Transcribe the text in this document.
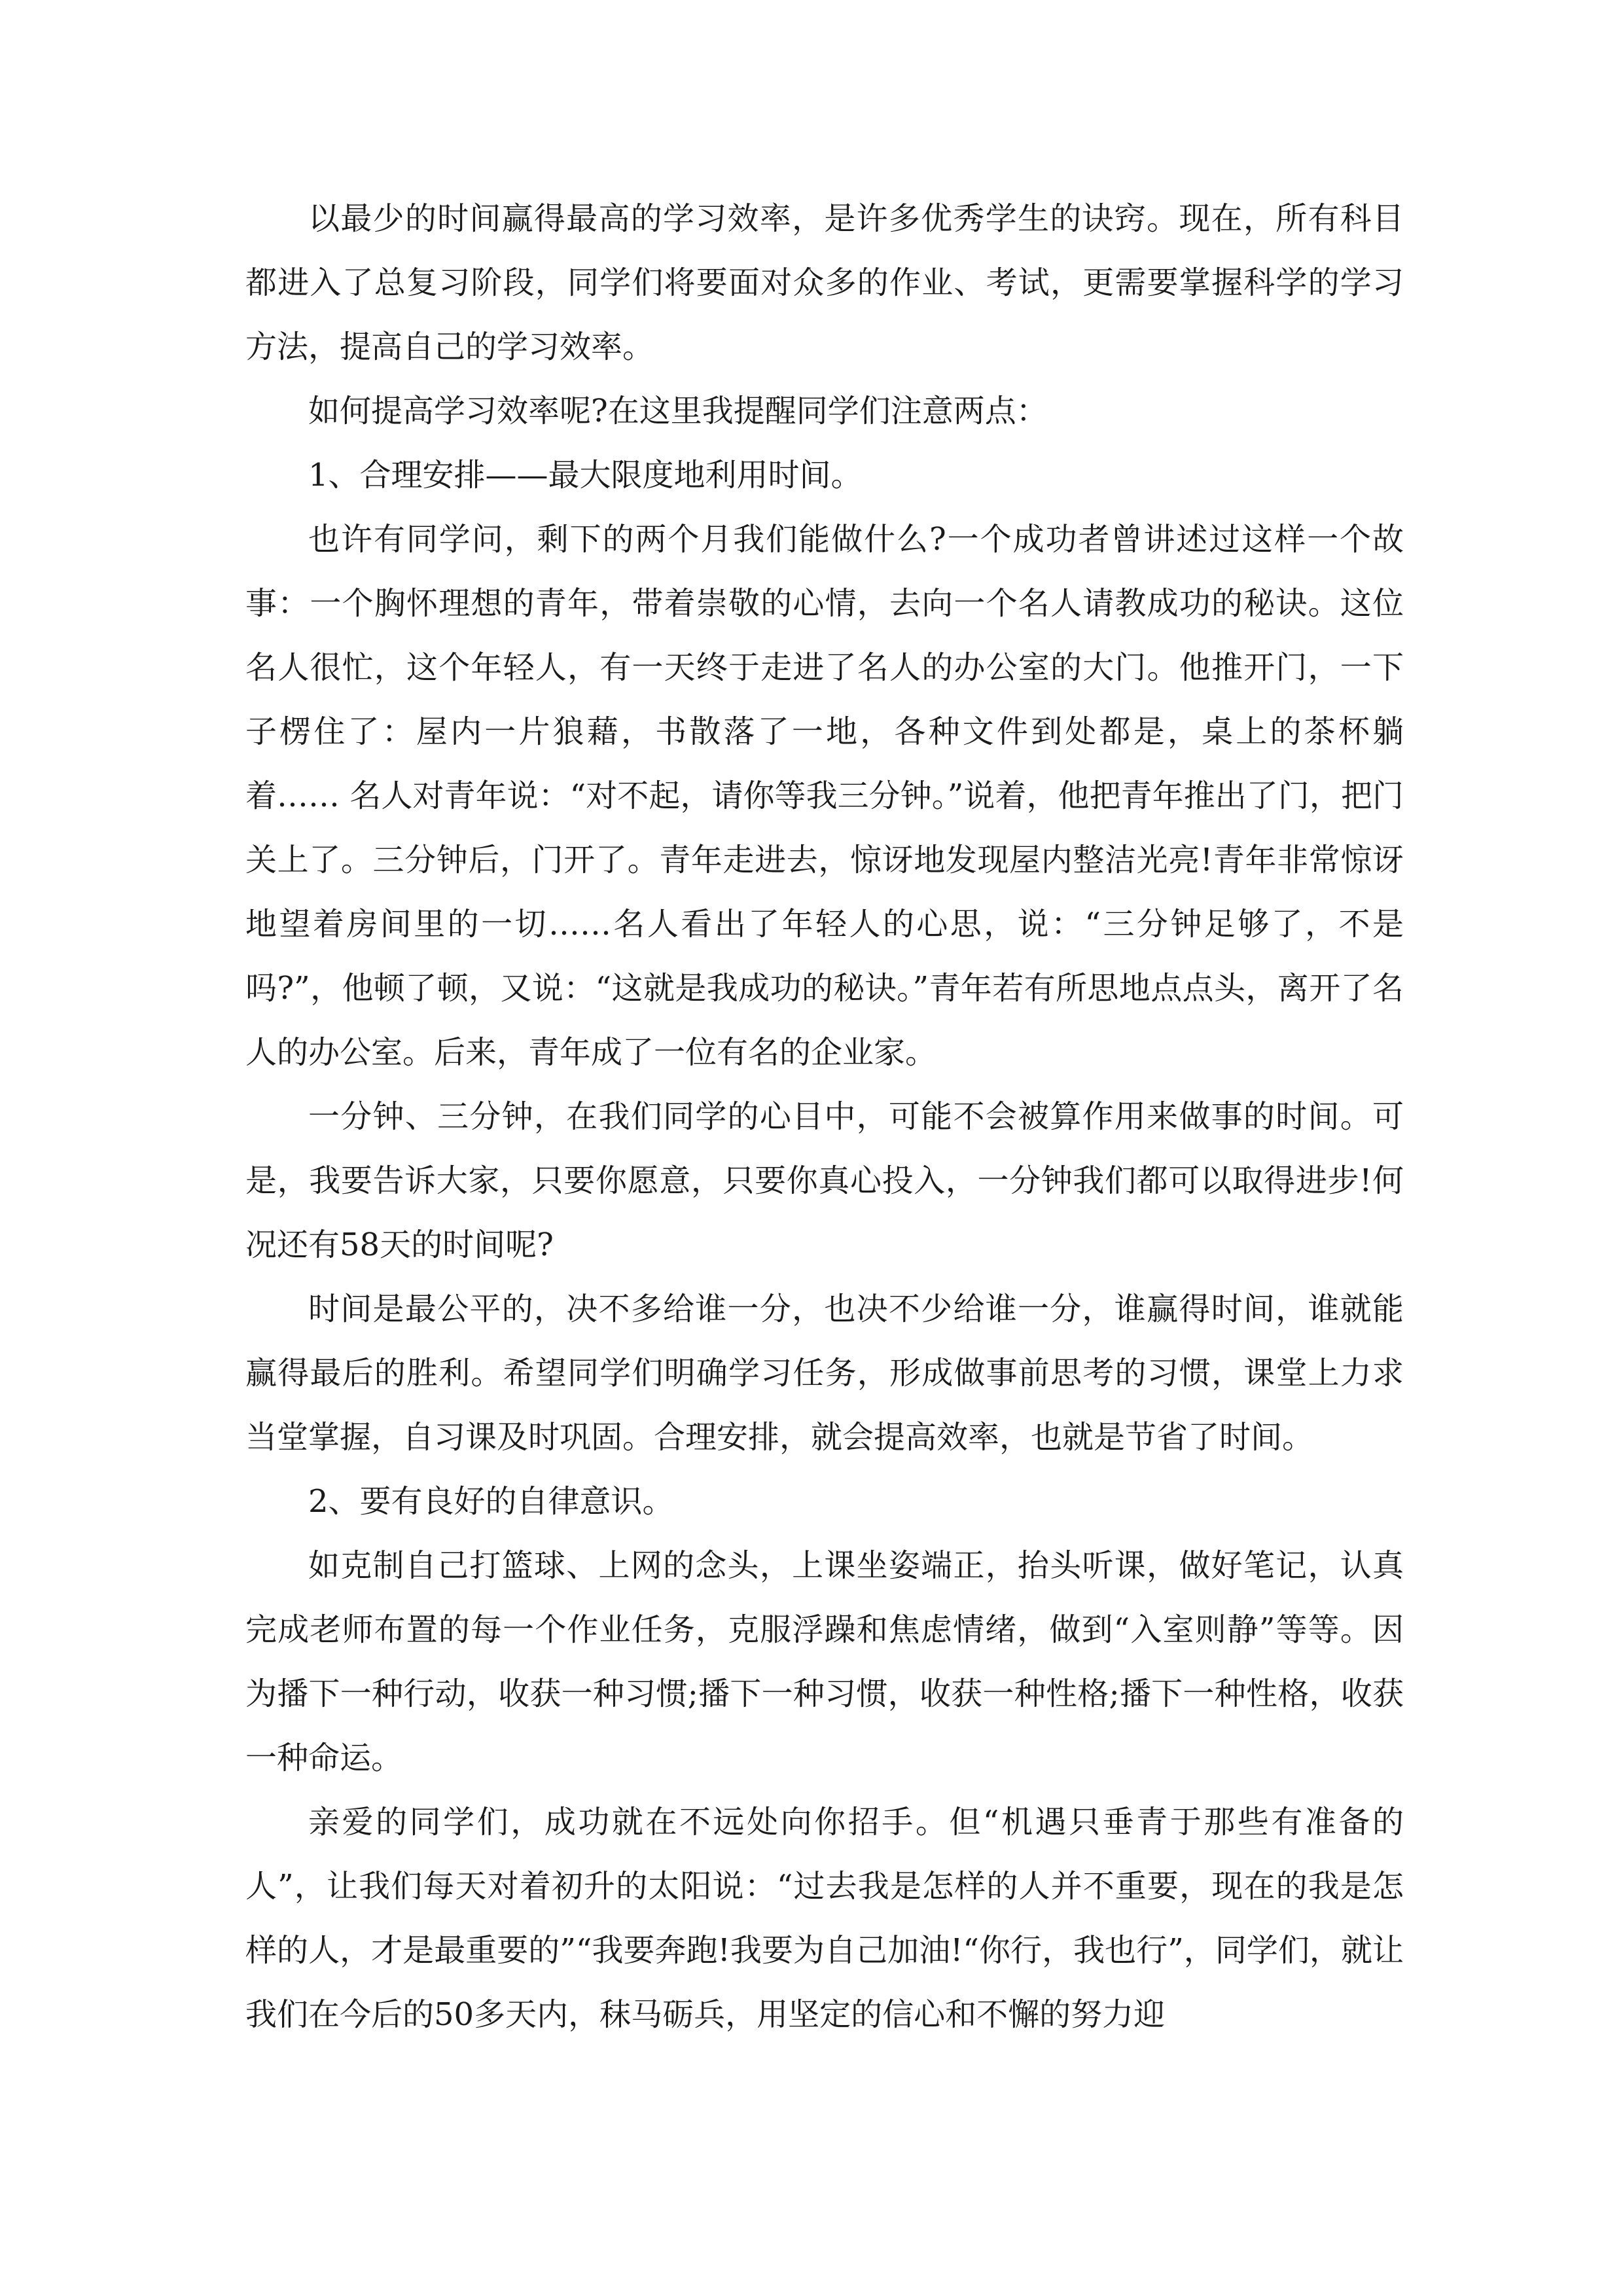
以最少的时间赢得最高的学习效率，是许多优秀学生的诀窍。现在，所有科目都进入了总复习阶段，同学们将要面对众多的作业、考试，更需要掌握科学的学习方法，提高自己的学习效率。

如何提高学习效率呢?在这里我提醒同学们注意两点：

1、合理安排——最大限度地利用时间。

也许有同学问，剩下的两个月我们能做什么?一个成功者曾讲述过这样一个故事：一个胸怀理想的青年，带着崇敬的心情，去向一个名人请教成功的秘诀。这位名人很忙，这个年轻人，有一天终于走进了名人的办公室的大门。他推开门，一下子楞住了：屋内一片狼藉，书散落了一地，各种文件到处都是，桌上的茶杯躺着…… 名人对青年说：“对不起，请你等我三分钟。”说着，他把青年推出了门，把门关上了。三分钟后，门开了。青年走进去，惊讶地发现屋内整洁光亮!青年非常惊讶地望着房间里的一切……名人看出了年轻人的心思，说：“三分钟足够了，不是吗?”，他顿了顿，又说：“这就是我成功的秘诀。”青年若有所思地点点头，离开了名人的办公室。后来，青年成了一位有名的企业家。

一分钟、三分钟，在我们同学的心目中，可能不会被算作用来做事的时间。可是，我要告诉大家，只要你愿意，只要你真心投入，一分钟我们都可以取得进步!何况还有58天的时间呢?

时间是最公平的，决不多给谁一分，也决不少给谁一分，谁赢得时间，谁就能赢得最后的胜利。希望同学们明确学习任务，形成做事前思考的习惯，课堂上力求当堂掌握，自习课及时巩固。合理安排，就会提高效率，也就是节省了时间。

2、要有良好的自律意识。

如克制自己打篮球、上网的念头，上课坐姿端正，抬头听课，做好笔记，认真完成老师布置的每一个作业任务，克服浮躁和焦虑情绪，做到“入室则静”等等。因为播下一种行动，收获一种习惯;播下一种习惯，收获一种性格;播下一种性格，收获一种命运。

亲爱的同学们，成功就在不远处向你招手。但“机遇只垂青于那些有准备的人”，让我们每天对着初升的太阳说：“过去我是怎样的人并不重要，现在的我是怎样的人，才是最重要的”“我要奔跑!我要为自己加油!“你行，我也行”，同学们，就让我们在今后的50多天内，秣马砺兵，用坚定的信心和不懈的努力迎
